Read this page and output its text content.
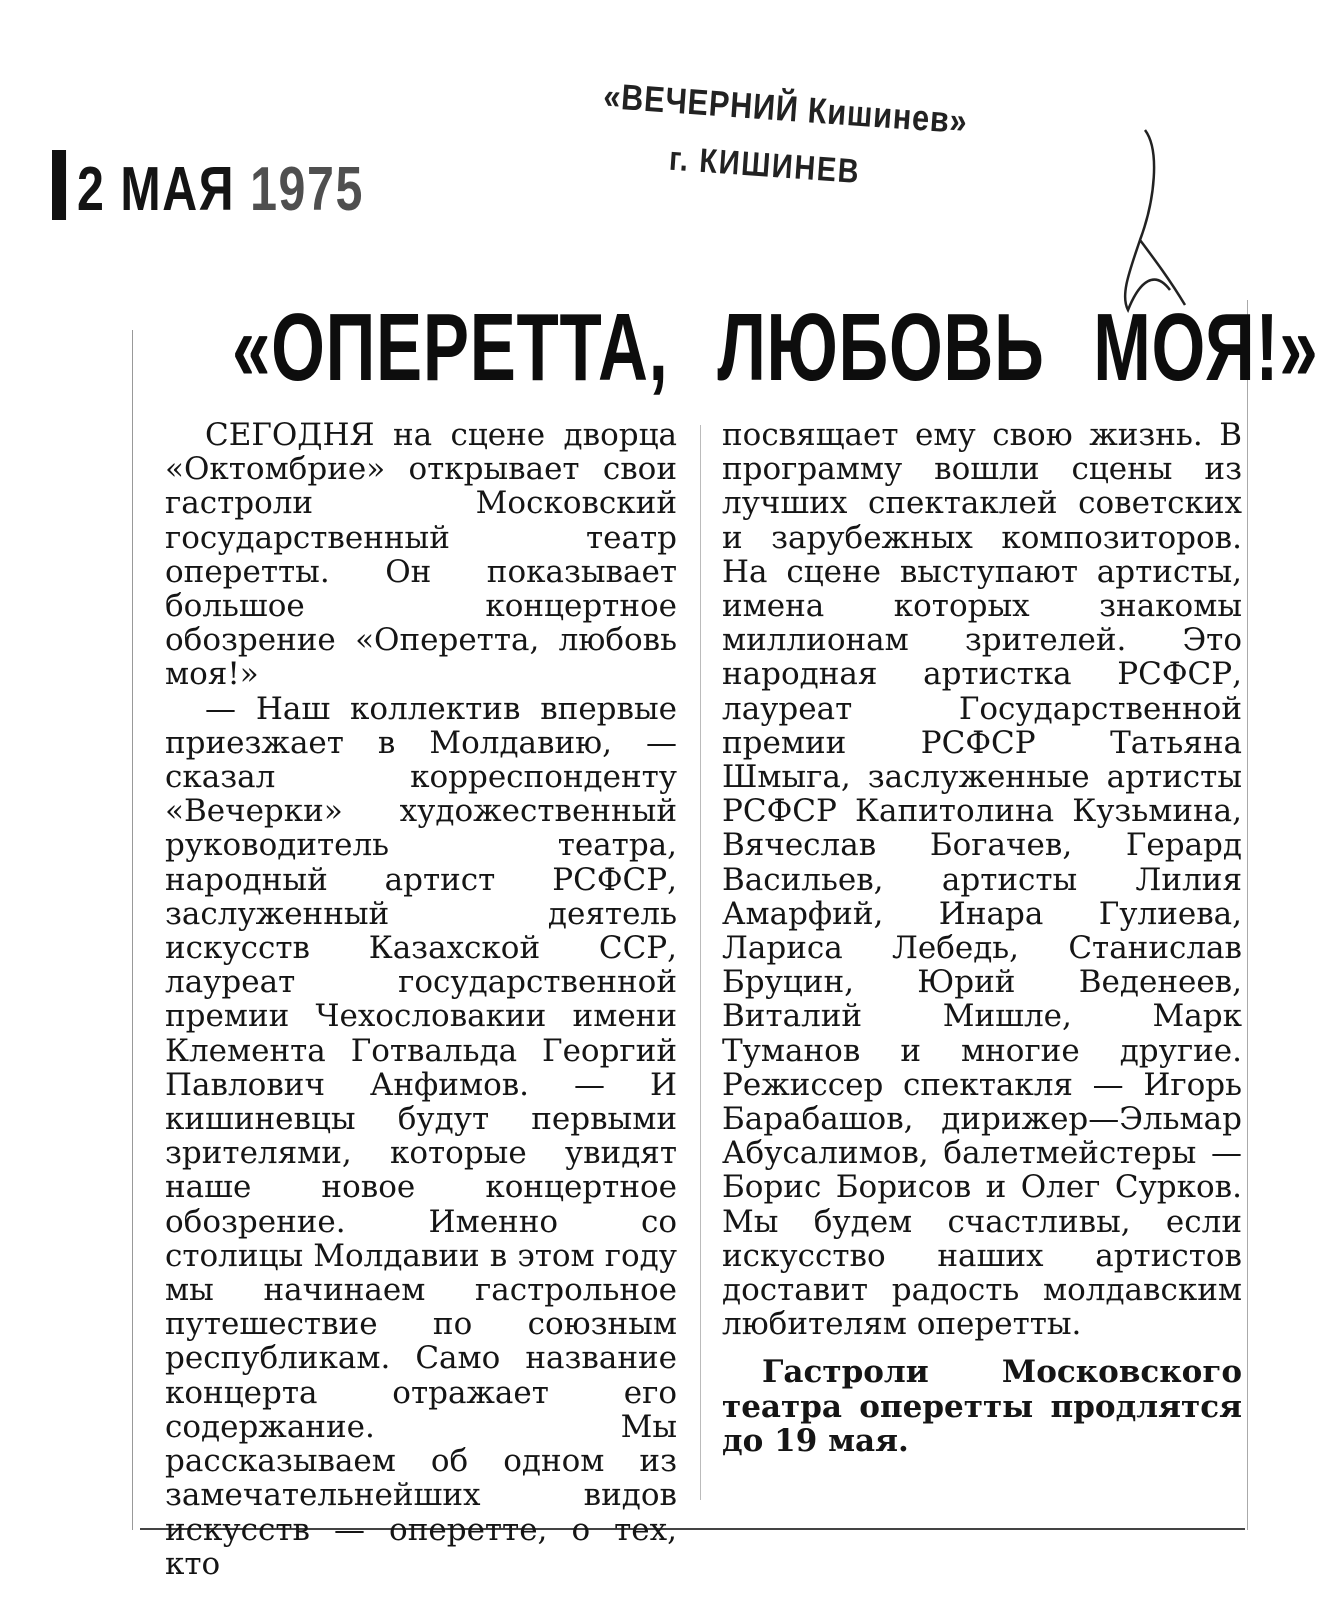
2 МАЯ 1975
«ВЕЧЕРНИЙ Кишинев»
г. КИШИНЕВ
«ОПЕРЕТТА, ЛЮБОВЬ МОЯ!»

СЕГОДНЯ на сцене дворца «Октомбрие» открывает свои гастроли Московский государственный театр оперетты. Он показывает большое концертное обозрение «Оперетта, любовь моя!»

— Наш коллектив впервые приезжает в Молдавию, — сказал корреспонденту «Вечерки» художественный руководитель театра, народный артист РСФСР, заслуженный деятель искусств Казахской ССР, лауреат государственной премии Чехословакии имени Клемента Готвальда Георгий Павлович Анфимов. — И кишиневцы будут первыми зрителями, которые увидят наше новое концертное обозрение. Именно со столицы Молдавии в этом году мы начинаем гастрольное путешествие по союзным республикам. Само название концерта отражает его содержание. Мы рассказываем об одном из замечательнейших видов искусств — оперетте, о тех, кто

посвящает ему свою жизнь. В программу вошли сцены из лучших спектаклей советских и зарубежных композиторов. На сцене выступают артисты, имена которых знакомы миллионам зрителей. Это народная артистка РСФСР, лауреат Государственной премии РСФСР Татьяна Шмыга, заслуженные артисты РСФСР Капитолина Кузьмина, Вячеслав Богачев, Герард Васильев, артисты Лилия Амарфий, Инара Гулиева, Лариса Лебедь, Станислав Бруцин, Юрий Веденеев, Виталий Мишле, Марк Туманов и многие другие. Режиссер спектакля — Игорь Барабашов, дирижер—Эльмар Абусалимов, балетмейстеры — Борис Борисов и Олег Сурков. Мы будем счастливы, если искусство наших артистов доставит радость молдавским любителям оперетты.

Гастроли Московского театра оперетты продлятся до 19 мая.
